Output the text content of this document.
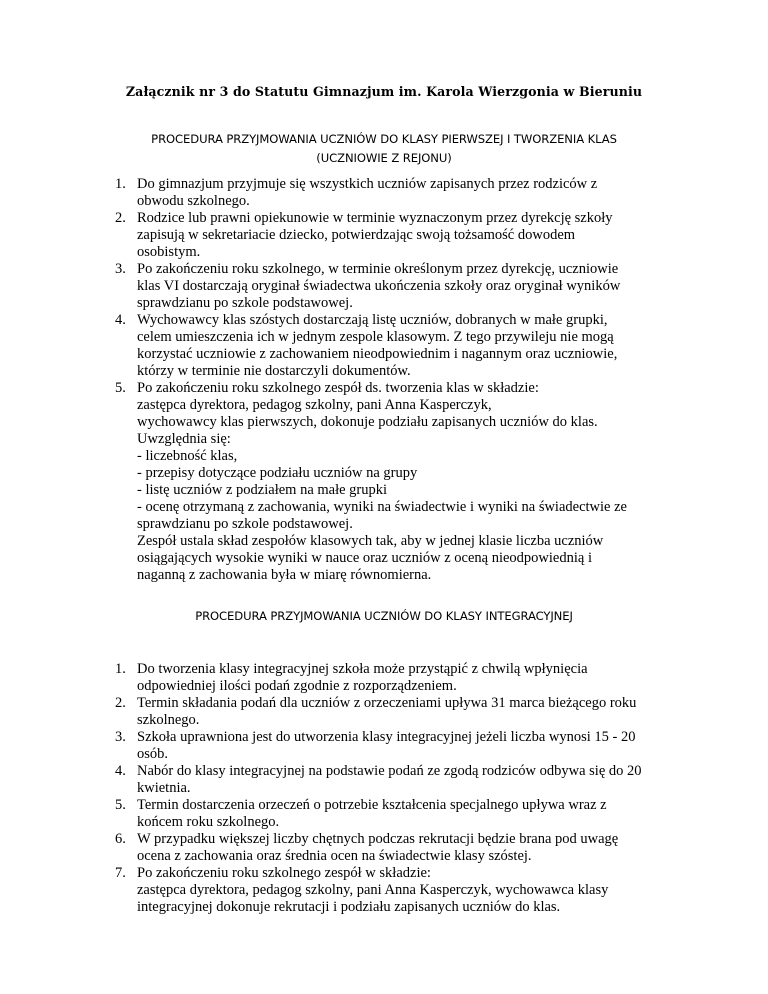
Załącznik nr 3 do Statutu Gimnazjum im. Karola Wierzgonia w Bieruniu
PROCEDURA PRZYJMOWANIA UCZNIÓW DO KLASY PIERWSZEJ I TWORZENIA KLAS
(UCZNIOWIE Z REJONU)
1. Do gimnazjum przyjmuje się wszystkich uczniów zapisanych przez rodziców z
obwodu szkolnego.
2. Rodzice lub prawni opiekunowie w terminie wyznaczonym przez dyrekcję szkoły
zapisują w sekretariacie dziecko, potwierdzając swoją tożsamość dowodem
osobistym.
3. Po zakończeniu roku szkolnego, w terminie określonym przez dyrekcję, uczniowie
klas VI dostarczają oryginał świadectwa ukończenia szkoły oraz oryginał wyników
sprawdzianu po szkole podstawowej.
4. Wychowawcy klas szóstych dostarczają listę uczniów, dobranych w małe grupki,
celem umieszczenia ich w jednym zespole klasowym. Z tego przywileju nie mogą
korzystać uczniowie z zachowaniem nieodpowiednim i nagannym oraz uczniowie,
którzy w terminie nie dostarczyli dokumentów.
5. Po zakończeniu roku szkolnego zespół ds. tworzenia klas w składzie:
zastępca dyrektora, pedagog szkolny, pani Anna Kasperczyk,
wychowawcy klas pierwszych, dokonuje podziału zapisanych uczniów do klas.
Uwzględnia się:
- liczebność klas,
- przepisy dotyczące podziału uczniów na grupy
- listę uczniów z podziałem na małe grupki
- ocenę otrzymaną z zachowania, wyniki na świadectwie i wyniki na świadectwie ze
sprawdzianu po szkole podstawowej.
Zespół ustala skład zespołów klasowych tak, aby w jednej klasie liczba uczniów
osiągających wysokie wyniki w nauce oraz uczniów z oceną nieodpowiednią i
naganną z zachowania była w miarę równomierna.
PROCEDURA PRZYJMOWANIA UCZNIÓW DO KLASY INTEGRACYJNEJ
1. Do tworzenia klasy integracyjnej szkoła może przystąpić z chwilą wpłynięcia
odpowiedniej ilości podań zgodnie z rozporządzeniem.
2. Termin składania podań dla uczniów z orzeczeniami upływa 31 marca bieżącego roku
szkolnego.
3. Szkoła uprawniona jest do utworzenia klasy integracyjnej jeżeli liczba wynosi 15 - 20
osób.
4. Nabór do klasy integracyjnej na podstawie podań ze zgodą rodziców odbywa się do 20
kwietnia.
5. Termin dostarczenia orzeczeń o potrzebie kształcenia specjalnego upływa wraz z
końcem roku szkolnego.
6. W przypadku większej liczby chętnych podczas rekrutacji będzie brana pod uwagę
ocena z zachowania oraz średnia ocen na świadectwie klasy szóstej.
7. Po zakończeniu roku szkolnego zespół w składzie:
zastępca dyrektora, pedagog szkolny, pani Anna Kasperczyk, wychowawca klasy
integracyjnej dokonuje rekrutacji i podziału zapisanych uczniów do klas.
